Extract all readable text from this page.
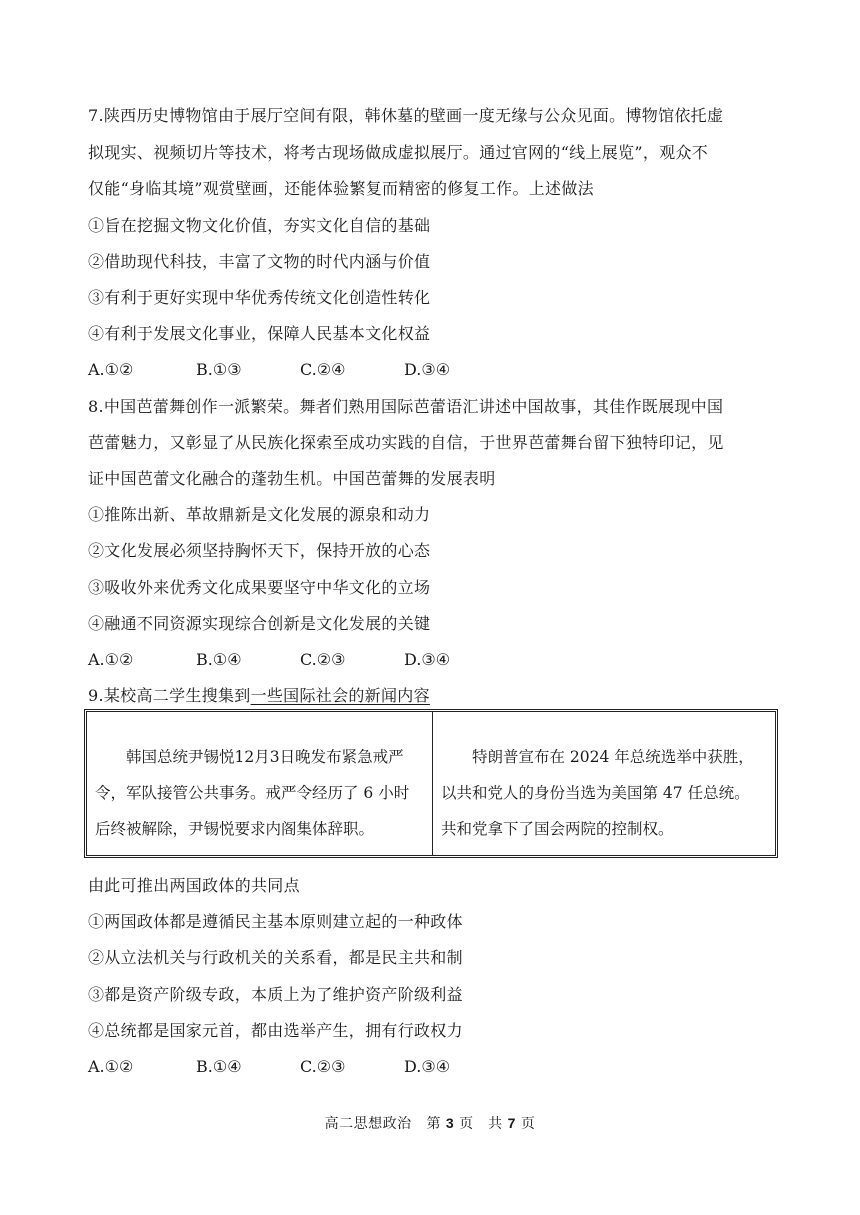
7.陕西历史博物馆由于展厅空间有限，韩休墓的壁画一度无缘与公众见面。博物馆依托虚
拟现实、视频切片等技术，将考古现场做成虚拟展厅。通过官网的“线上展览”，观众不
仅能“身临其境”观赏壁画，还能体验繁复而精密的修复工作。上述做法
①旨在挖掘文物文化价值，夯实文化自信的基础
②借助现代科技，丰富了文物的时代内涵与价值
③有利于更好实现中华优秀传统文化创造性转化
④有利于发展文化事业，保障人民基本文化权益
A.①②	B.①③	C.②④	D.③④
8.中国芭蕾舞创作一派繁荣。舞者们熟用国际芭蕾语汇讲述中国故事，其佳作既展现中国
芭蕾魅力，又彰显了从民族化探索至成功实践的自信，于世界芭蕾舞台留下独特印记，见
证中国芭蕾文化融合的蓬勃生机。中国芭蕾舞的发展表明
①推陈出新、革故鼎新是文化发展的源泉和动力
②文化发展必须坚持胸怀天下，保持开放的心态
③吸收外来优秀文化成果要坚守中华文化的立场
④融通不同资源实现综合创新是文化发展的关键
A.①②	B.①④	C.②③	D.③④
9.某校高二学生搜集到一些国际社会的新闻内容
　　韩国总统尹锡悦12月3日晚发布紧急戒严
令，军队接管公共事务。戒严令经历了 6 小时
后终被解除，尹锡悦要求内阁集体辞职。
　　特朗普宣布在 2024 年总统选举中获胜，
以共和党人的身份当选为美国第 47 任总统。
共和党拿下了国会两院的控制权。
由此可推出两国政体的共同点
①两国政体都是遵循民主基本原则建立起的一种政体
②从立法机关与行政机关的关系看，都是民主共和制
③都是资产阶级专政，本质上为了维护资产阶级利益
④总统都是国家元首，都由选举产生，拥有行政权力
A.①②	B.①④	C.②③	D.③④
高二思想政治 第 3 页　共 7 页
